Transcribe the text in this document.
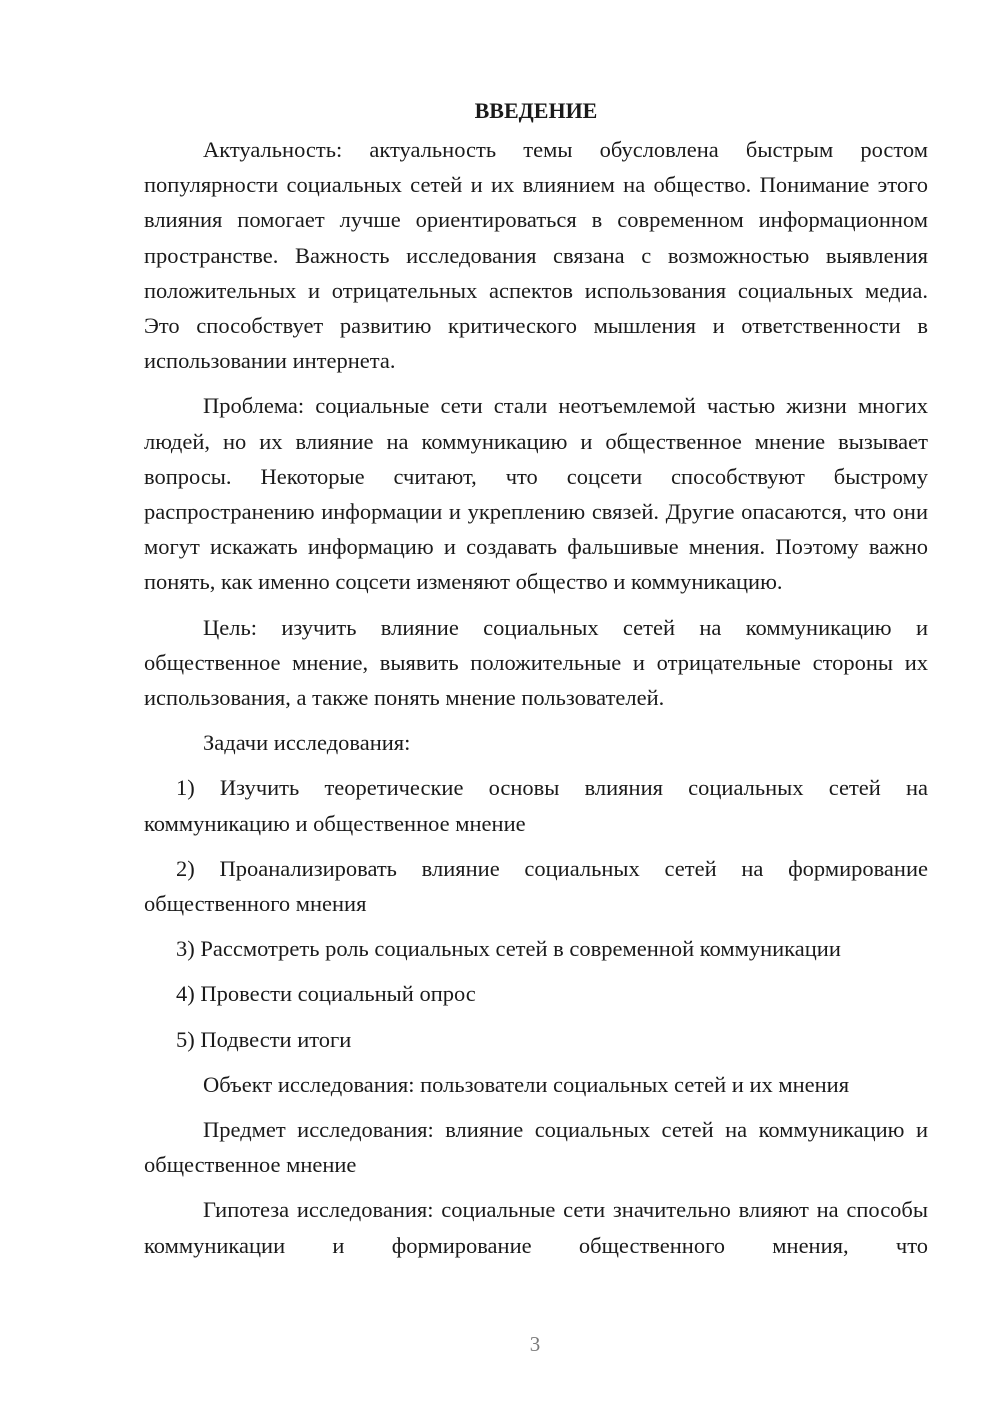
ВВЕДЕНИЕ

Актуальность: актуальность темы обусловлена быстрым ростом популярности социальных сетей и их влиянием на общество. Понимание этого влияния помогает лучше ориентироваться в современном информационном пространстве. Важность исследования связана с возможностью выявления положительных и отрицательных аспектов использования социальных медиа. Это способствует развитию критического мышления и ответственности в использовании интернета.

Проблема: социальные сети стали неотъемлемой частью жизни многих людей, но их влияние на коммуникацию и общественное мнение вызывает вопросы. Некоторые считают, что соцсети способствуют быстрому распространению информации и укреплению связей. Другие опасаются, что они могут искажать информацию и создавать фальшивые мнения. Поэтому важно понять, как именно соцсети изменяют общество и коммуникацию.

Цель: изучить влияние социальных сетей на коммуникацию и общественное мнение, выявить положительные и отрицательные стороны их использования, а также понять мнение пользователей.

Задачи исследования:

1) Изучить теоретические основы влияния социальных сетей на коммуникацию и общественное мнение

2) Проанализировать влияние социальных сетей на формирование общественного мнения

3) Рассмотреть роль социальных сетей в современной коммуникации

4) Провести социальный опрос

5) Подвести итоги

Объект исследования: пользователи социальных сетей и их мнения

Предмет исследования: влияние социальных сетей на коммуникацию и общественное мнение

Гипотеза исследования: социальные сети значительно влияют на способы коммуникации и формирование общественного мнения, что

3
